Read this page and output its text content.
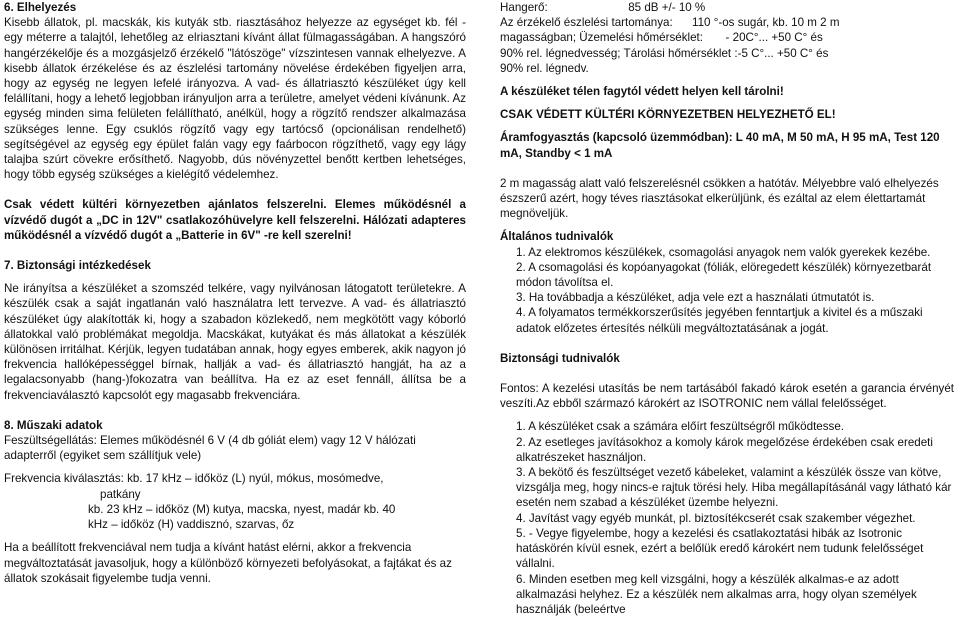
6. Elhelyezés

Kisebb állatok, pl. macskák, kis kutyák stb. riasztásához helyezze az egységet kb. fél - egy méterre a talajtól, lehetőleg az elriasztani kívánt állat fülmagasságában. A hangszóró hangérzékelője és a mozgásjelző érzékelő "látószöge" vízszintesen vannak elhelyezve. A kisebb állatok érzékelése és az észlelési tartomány növelése érdekében figyeljen arra, hogy az egység ne legyen lefelé irányozva. A vad- és állatriasztó készüléket úgy kell felállítani, hogy a lehető legjobban irányuljon arra a területre, amelyet védeni kívánunk. Az egység minden sima felületen felállítható, anélkül, hogy a rögzítő rendszer alkalmazása szükséges lenne. Egy csuklós rögzítő vagy egy tartócső (opcionálisan rendelhető) segítségével az egység egy épület falán vagy egy faárbocon rögzíthető, vagy egy lágy talajba szúrt cövekre erősíthető. Nagyobb, dús növényzettel benőtt kertben lehetséges, hogy több egység szükséges a kielégítő védelemhez.

Csak védett kültéri környezetben ajánlatos felszerelni. Elemes működésnél a vízvédő dugót a „DC in 12V" csatlakozóhüvelyre kell felszerelni. Hálózati adapteres működésnél a vízvédő dugót a „Batterie in 6V" -re kell szerelni!

7. Biztonsági intézkedések

Ne irányítsa a készüléket a szomszéd telkére, vagy nyilvánosan látogatott területekre. A készülék csak a saját ingatlanán való használatra lett tervezve. A vad- és állatriasztó készüléket úgy alakították ki, hogy a szabadon közlekedő, nem megkötött vagy kóborló állatokkal való problémákat megoldja. Macskákat, kutyákat és más állatokat a készülék különösen irritálhat. Kérjük, legyen tudatában annak, hogy egyes emberek, akik nagyon jó frekvencia hallóképességgel bírnak, hallják a vad- és állatriasztó hangját, ha az a legalacsonyabb (hang-)fokozatra van beállítva. Ha ez az eset fennáll, állítsa be a frekvenciaválasztó kapcsolót egy magasabb frekvenciára.

8. Műszaki adatok

Feszültségellátás: Elemes működésnél 6 V (4 db góliát elem) vagy 12 V hálózati adapterről (egyiket sem szállítjuk vele)

Frekvencia kiválasztás: kb. 17 kHz – időköz (L) nyúl, mókus, mosómedve,

patkány

kb. 23 kHz – időköz (M) kutya, macska, nyest, madár kb. 40

kHz – időköz (H) vaddisznó, szarvas, őz

Ha a beállított frekvenciával nem tudja a kívánt hatást elérni, akkor a frekvencia megváltoztatását javasoljuk, hogy a különböző környezeti befolyásokat, a fajtákat és az állatok szokásait figyelembe tudja venni.

Hangerő:                         85 dB +/- 10 %

Az érzékelő észlelési tartománya:      110 °-os sugár, kb. 10 m 2 m

magasságban; Üzemelési hőmérséklet:       - 20C°... +50 C° és

90% rel. légnedvesség; Tárolási hőmérséklet :-5 C°... +50 C° és

90% rel. légnedv.

A készüléket télen fagytól védett helyen kell tárolni!

CSAK VÉDETT KÜLTÉRI KÖRNYEZETBEN HELYEZHETŐ EL!

Áramfogyasztás (kapcsoló üzemmódban): L 40 mA, M 50 mA, H 95 mA, Test 120 mA, Standby < 1 mA

2 m magasság alatt való felszerelésnél csökken a hatótáv. Mélyebbre való elhelyezés észszerű azért, hogy téves riasztásokat elkerüljünk, és ezáltal az elem élettartamát megnöveljük.

Általános tudnivalók

1. Az elektromos készülékek, csomagolási anyagok nem valók gyerekek kezébe.
2. A csomagolási és kopóanyagokat (fóliák, elöregedett készülék) környezetbarát módon távolítsa el.
3. Ha továbbadja a készüléket, adja vele ezt a használati útmutatót is.
4. A folyamatos termékkorszerűsítés jegyében fenntartjuk a kivitel és a műszaki adatok előzetes értesítés nélküli megváltoztatásának a jogát.

Biztonsági tudnivalók

Fontos: A kezelési utasítás be nem tartásából fakadó károk esetén a garancia érvényét veszíti.Az ebből származó károkért az ISOTRONIC nem vállal felelősséget.

1. A készüléket csak a számára előírt feszültségről működtesse.
2. Az esetleges javításokhoz a komoly károk megelőzése érdekében csak eredeti alkatrészeket használjon.
3. A bekötő és feszültséget vezető kábeleket, valamint a készülék össze van kötve, vizsgálja meg, hogy nincs-e rajtuk törési hely. Hiba megállapításánál vagy látható kár esetén nem szabad a készüléket üzembe helyezni.
4. Javítást vagy egyéb munkát, pl. biztosítékcserét csak szakember végezhet.
5. - Vegye figyelembe, hogy a kezelési és csatlakoztatási hibák az Isotronic hatáskörén kívül esnek, ezért a belőlük eredő károkért nem tudunk felelősséget vállalni.
6. Minden esetben meg kell vizsgálni, hogy a készülék alkalmas-e az adott alkalmazási helyhez. Ez a készülék nem alkalmas arra, hogy olyan személyek használják (beleértve
